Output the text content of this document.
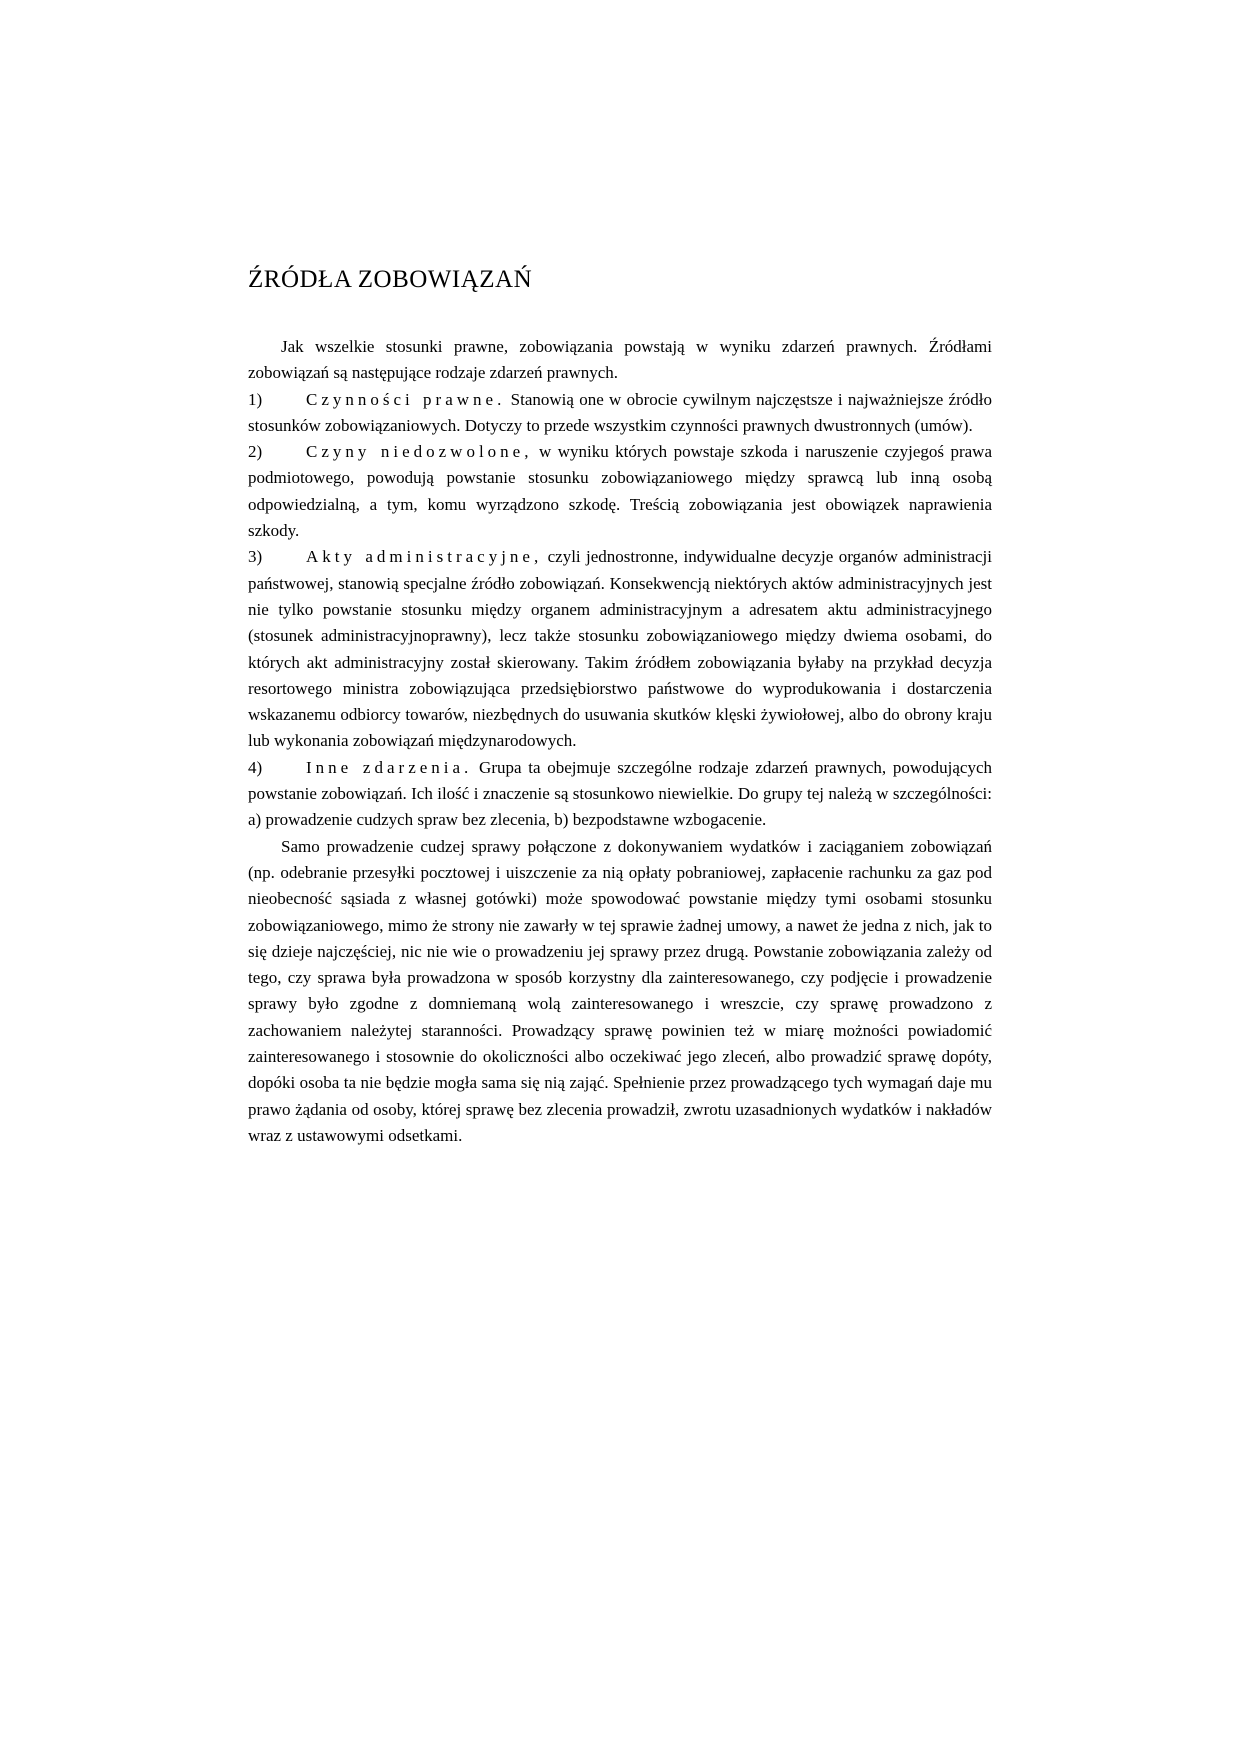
ŹRÓDŁA ZOBOWIĄZAŃ

Jak wszelkie stosunki prawne, zobowiązania powstają w wyniku zdarzeń prawnych. Źródłami zobowiązań są następujące rodzaje zdarzeń prawnych.

1)	Czynności prawne. Stanowią one w obrocie cywilnym najczęstsze i najważniejsze źródło stosunków zobowiązaniowych. Dotyczy to przede wszystkim czynności prawnych dwustronnych (umów).

2)	Czyny niedozwolone, w wyniku których powstaje szkoda i naruszenie czyjegoś prawa podmiotowego, powodują powstanie stosunku zobowiązaniowego między sprawcą lub inną osobą odpowiedzialną, a tym, komu wyrządzono szkodę. Treścią zobowiązania jest obowiązek naprawienia szkody.

3)	Akty administracyjne, czyli jednostronne, indywidualne decyzje organów administracji państwowej, stanowią specjalne źródło zobowiązań. Konsekwencją niektórych aktów administracyjnych jest nie tylko powstanie stosunku między organem administracyjnym a adresatem aktu administracyjnego (stosunek administracyjnoprawny), lecz także stosunku zobowiązaniowego między dwiema osobami, do których akt administracyjny został skierowany. Takim źródłem zobowiązania byłaby na przykład decyzja resortowego ministra zobowiązująca przedsiębiorstwo państwowe do wyprodukowania i dostarczenia wskazanemu odbiorcy towarów, niezbędnych do usuwania skutków klęski żywiołowej, albo do obrony kraju lub wykonania zobowiązań międzynarodowych.

4)	Inne zdarzenia. Grupa ta obejmuje szczególne rodzaje zdarzeń prawnych, powodujących powstanie zobowiązań. Ich ilość i znaczenie są stosunkowo niewielkie. Do grupy tej należą w szczególności: a) prowadzenie cudzych spraw bez zlecenia, b) bezpodstawne wzbogacenie.

Samo prowadzenie cudzej sprawy połączone z dokonywaniem wydatków i zaciąganiem zobowiązań (np. odebranie przesyłki pocztowej i uiszczenie za nią opłaty pobraniowej, zapłacenie rachunku za gaz pod nieobecność sąsiada z własnej gotówki) może spowodować powstanie między tymi osobami stosunku zobowiązaniowego, mimo że strony nie zawarły w tej sprawie żadnej umowy, a nawet że jedna z nich, jak to się dzieje najczęściej, nic nie wie o prowadzeniu jej sprawy przez drugą. Powstanie zobowiązania zależy od tego, czy sprawa była prowadzona w sposób korzystny dla zainteresowanego, czy podjęcie i prowadzenie sprawy było zgodne z domniemaną wolą zainteresowanego i wreszcie, czy sprawę prowadzono z zachowaniem należytej staranności. Prowadzący sprawę powinien też w miarę możności powiadomić zainteresowanego i stosownie do okoliczności albo oczekiwać jego zleceń, albo prowadzić sprawę dopóty, dopóki osoba ta nie będzie mogła sama się nią zająć. Spełnienie przez prowadzącego tych wymagań daje mu prawo żądania od osoby, której sprawę bez zlecenia prowadził, zwrotu uzasadnionych wydatków i nakładów wraz z ustawowymi odsetkami.
